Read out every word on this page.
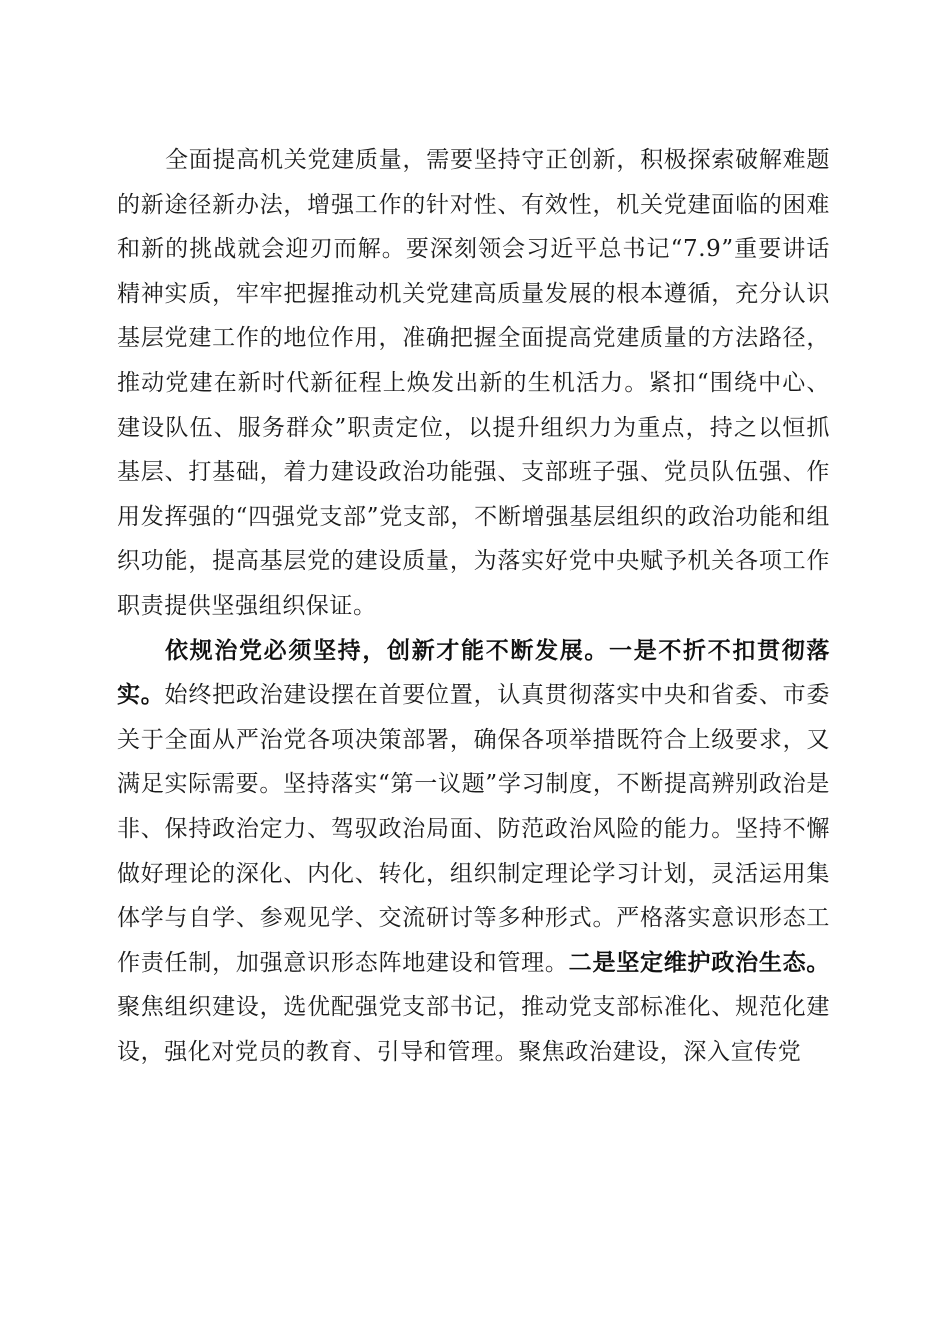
全面提高机关党建质量，需要坚持守正创新，积极探索破解难题的新途径新办法，增强工作的针对性、有效性，机关党建面临的困难和新的挑战就会迎刃而解。要深刻领会习近平总书记“7.9”重要讲话精神实质，牢牢把握推动机关党建高质量发展的根本遵循，充分认识基层党建工作的地位作用，准确把握全面提高党建质量的方法路径，推动党建在新时代新征程上焕发出新的生机活力。紧扣“围绕中心、建设队伍、服务群众”职责定位，以提升组织力为重点，持之以恒抓基层、打基础，着力建设政治功能强、支部班子强、党员队伍强、作用发挥强的“四强党支部”党支部，不断增强基层组织的政治功能和组织功能，提高基层党的建设质量，为落实好党中央赋予机关各项工作职责提供坚强组织保证。

依规治党必须坚持，创新才能不断发展。一是不折不扣贯彻落实。始终把政治建设摆在首要位置，认真贯彻落实中央和省委、市委关于全面从严治党各项决策部署，确保各项举措既符合上级要求，又满足实际需要。坚持落实“第一议题”学习制度，不断提高辨别政治是非、保持政治定力、驾驭政治局面、防范政治风险的能力。坚持不懈做好理论的深化、内化、转化，组织制定理论学习计划，灵活运用集体学与自学、参观见学、交流研讨等多种形式。严格落实意识形态工作责任制，加强意识形态阵地建设和管理。二是坚定维护政治生态。聚焦组织建设，选优配强党支部书记，推动党支部标准化、规范化建设，强化对党员的教育、引导和管理。聚焦政治建设，深入宣传党
